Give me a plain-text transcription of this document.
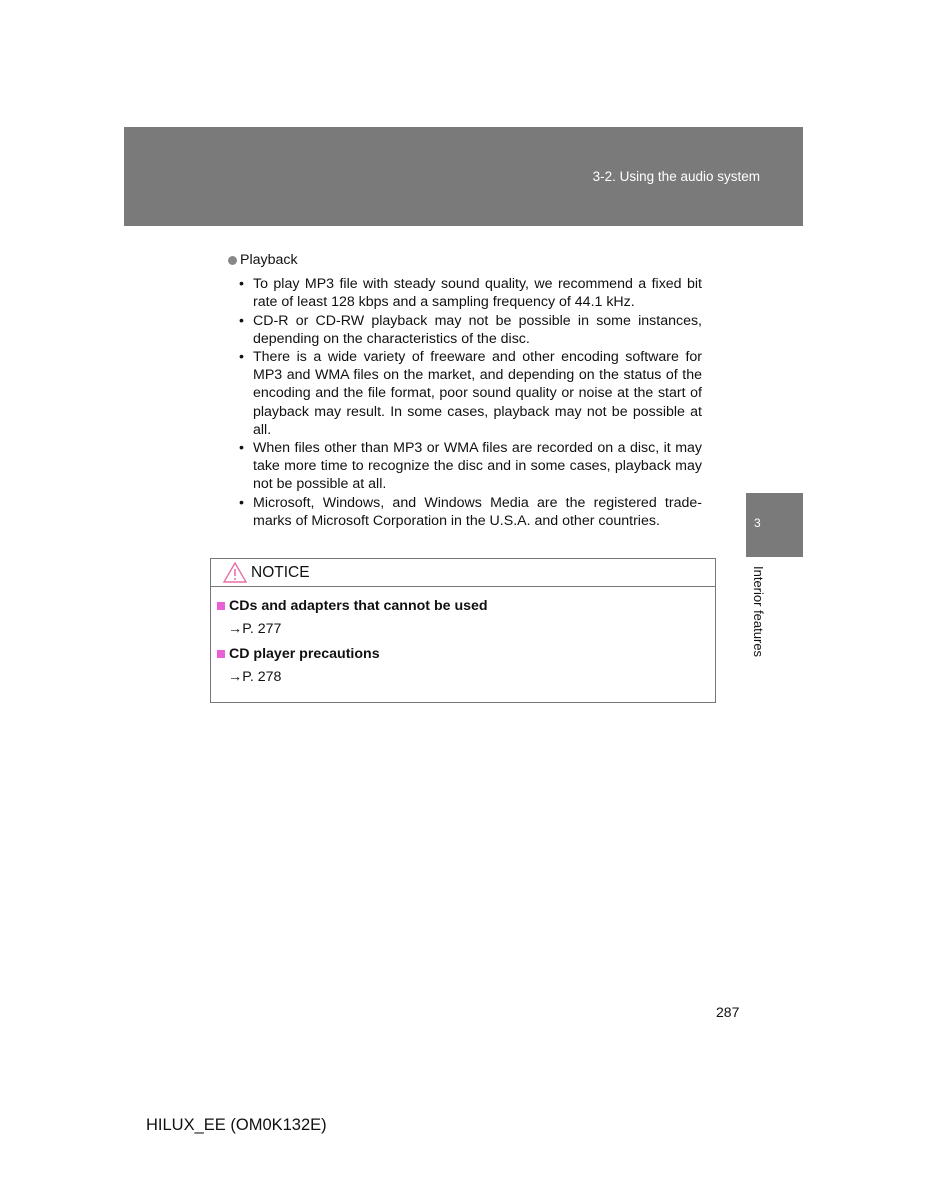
3-2. Using the audio system
Playback
• To play MP3 file with steady sound quality, we recommend a fixed bit rate of least 128 kbps and a sampling frequency of 44.1 kHz.
• CD-R or CD-RW playback may not be possible in some instances, depending on the characteristics of the disc.
• There is a wide variety of freeware and other encoding software for MP3 and WMA files on the market, and depending on the status of the encoding and the file format, poor sound quality or noise at the start of playback may result. In some cases, playback may not be possible at all.
• When files other than MP3 or WMA files are recorded on a disc, it may take more time to recognize the disc and in some cases, playback may not be possible at all.
• Microsoft, Windows, and Windows Media are the registered trade-marks of Microsoft Corporation in the U.S.A. and other countries.
NOTICE
CDs and adapters that cannot be used
→P. 277
CD player precautions
→P. 278
3
Interior features
287
HILUX_EE (OM0K132E)
